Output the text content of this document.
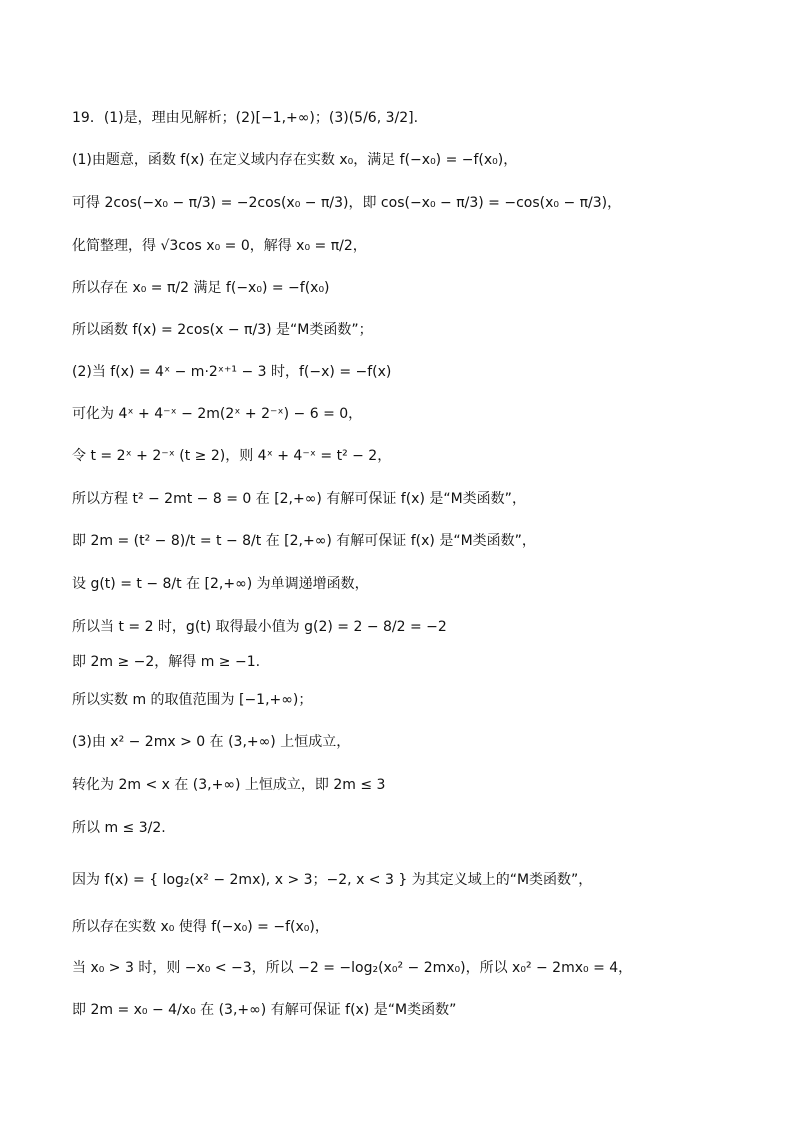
19．(1)是，理由见解析；(2)[−1,+∞)；(3)(5/6, 3/2].
(1)由题意，函数 f(x) 在定义域内存在实数 x₀，满足 f(−x₀) = −f(x₀)，
可得 2cos(−x₀ − π/3) = −2cos(x₀ − π/3)，即 cos(−x₀ − π/3) = −cos(x₀ − π/3)，
化简整理，得 √3cos x₀ = 0，解得 x₀ = π/2，
所以存在 x₀ = π/2 满足 f(−x₀) = −f(x₀)
所以函数 f(x) = 2cos(x − π/3) 是“M类函数”；
(2)当 f(x) = 4ˣ − m·2ˣ⁺¹ − 3 时，f(−x) = −f(x)
可化为 4ˣ + 4⁻ˣ − 2m(2ˣ + 2⁻ˣ) − 6 = 0，
令 t = 2ˣ + 2⁻ˣ (t ≥ 2)，则 4ˣ + 4⁻ˣ = t² − 2，
所以方程 t² − 2mt − 8 = 0 在 [2,+∞) 有解可保证 f(x) 是“M类函数”，
即 2m = (t² − 8)/t = t − 8/t 在 [2,+∞) 有解可保证 f(x) 是“M类函数”，
设 g(t) = t − 8/t 在 [2,+∞) 为单调递增函数，
所以当 t = 2 时，g(t) 取得最小值为 g(2) = 2 − 8/2 = −2
即 2m ≥ −2，解得 m ≥ −1.
所以实数 m 的取值范围为 [−1,+∞)；
(3)由 x² − 2mx > 0 在 (3,+∞) 上恒成立，
转化为 2m < x 在 (3,+∞) 上恒成立，即 2m ≤ 3
所以 m ≤ 3/2.
因为 f(x) = { log₂(x² − 2mx), x > 3；−2, x < 3 } 为其定义域上的“M类函数”，
所以存在实数 x₀ 使得 f(−x₀) = −f(x₀)，
当 x₀ > 3 时，则 −x₀ < −3，所以 −2 = −log₂(x₀² − 2mx₀)，所以 x₀² − 2mx₀ = 4，
即 2m = x₀ − 4/x₀ 在 (3,+∞) 有解可保证 f(x) 是“M类函数”
